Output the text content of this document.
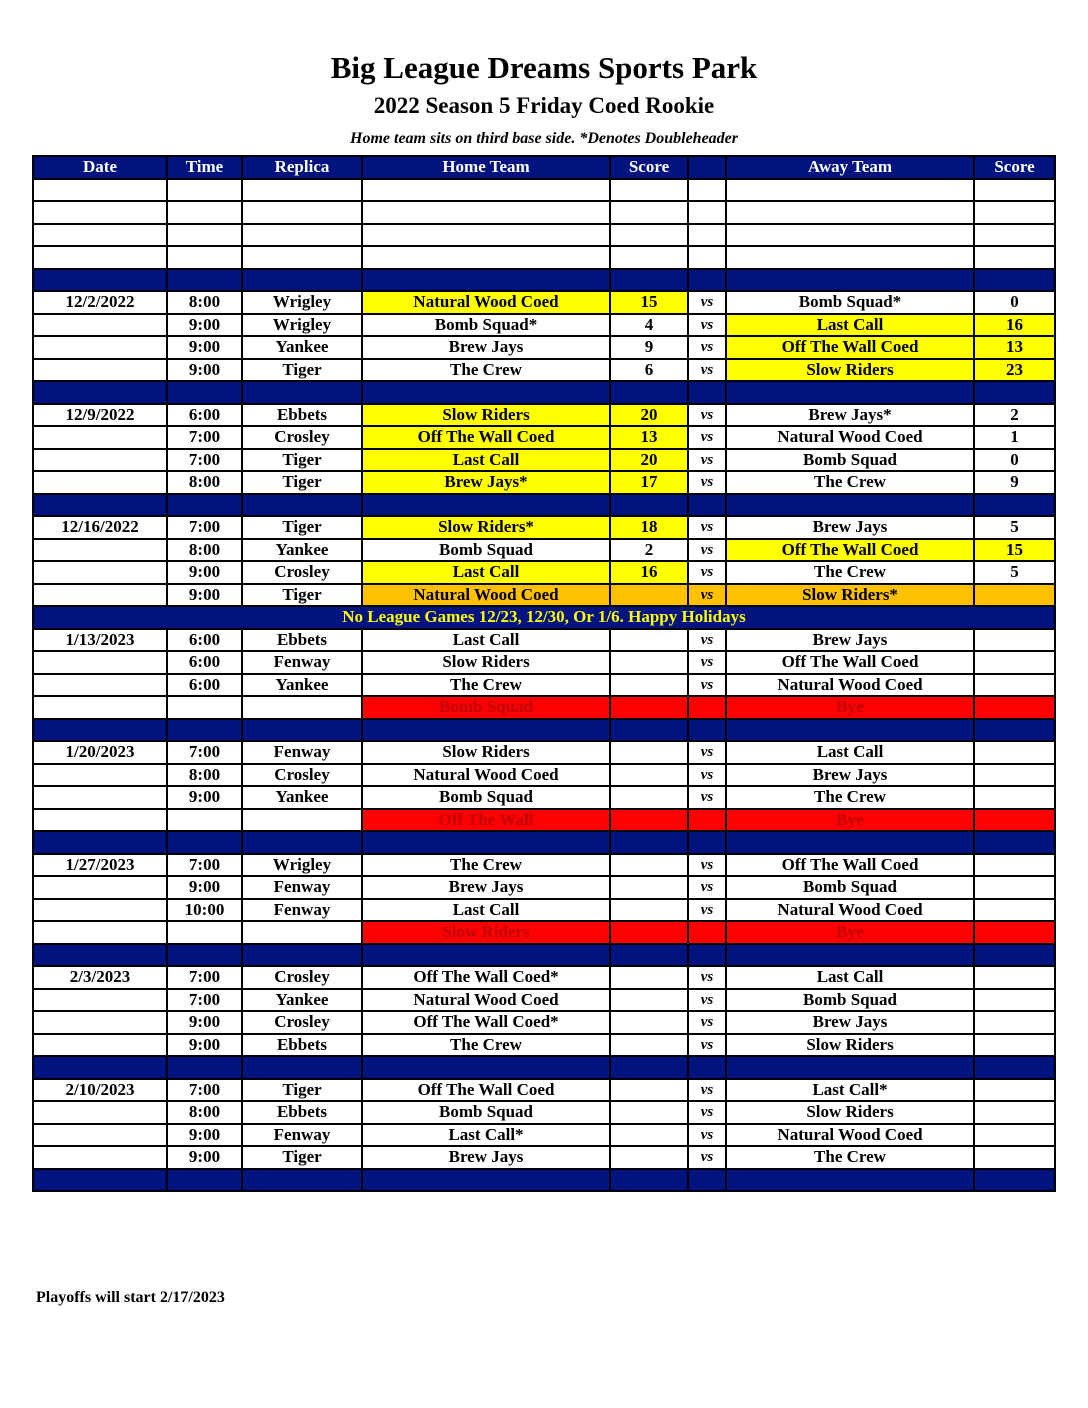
Big League Dreams Sports Park
2022 Season 5 Friday Coed Rookie
Home team sits on third base side. *Denotes Doubleheader
Date	Time	Replica	Home Team	Score		Away Team	Score

12/2/2022	8:00	Wrigley	Natural Wood Coed	15	vs	Bomb Squad*	0
	9:00	Wrigley	Bomb Squad*	4	vs	Last Call	16
	9:00	Yankee	Brew Jays	9	vs	Off The Wall Coed	13
	9:00	Tiger	The Crew	6	vs	Slow Riders	23

12/9/2022	6:00	Ebbets	Slow Riders	20	vs	Brew Jays*	2
	7:00	Crosley	Off The Wall Coed	13	vs	Natural Wood Coed	1
	7:00	Tiger	Last Call	20	vs	Bomb Squad	0
	8:00	Tiger	Brew Jays*	17	vs	The Crew	9

12/16/2022	7:00	Tiger	Slow Riders*	18	vs	Brew Jays	5
	8:00	Yankee	Bomb Squad	2	vs	Off The Wall Coed	15
	9:00	Crosley	Last Call	16	vs	The Crew	5
	9:00	Tiger	Natural Wood Coed		vs	Slow Riders*	
No League Games 12/23, 12/30, Or 1/6. Happy Holidays							
1/13/2023	6:00	Ebbets	Last Call		vs	Brew Jays	
	6:00	Fenway	Slow Riders		vs	Off The Wall Coed	
	6:00	Yankee	The Crew		vs	Natural Wood Coed	
			Bomb Squad			Bye	

1/20/2023	7:00	Fenway	Slow Riders		vs	Last Call	
	8:00	Crosley	Natural Wood Coed		vs	Brew Jays	
	9:00	Yankee	Bomb Squad		vs	The Crew	
			Off The Wall			Bye	

1/27/2023	7:00	Wrigley	The Crew		vs	Off The Wall Coed	
	9:00	Fenway	Brew Jays		vs	Bomb Squad	
	10:00	Fenway	Last Call		vs	Natural Wood Coed	
			Slow Riders			Bye	

2/3/2023	7:00	Crosley	Off The Wall Coed*		vs	Last Call	
	7:00	Yankee	Natural Wood Coed		vs	Bomb Squad	
	9:00	Crosley	Off The Wall Coed*		vs	Brew Jays	
	9:00	Ebbets	The Crew		vs	Slow Riders	

2/10/2023	7:00	Tiger	Off The Wall Coed		vs	Last Call*	
	8:00	Ebbets	Bomb Squad		vs	Slow Riders	
	9:00	Fenway	Last Call*		vs	Natural Wood Coed	
	9:00	Tiger	Brew Jays		vs	The Crew	

Playoffs will start 2/17/2023
